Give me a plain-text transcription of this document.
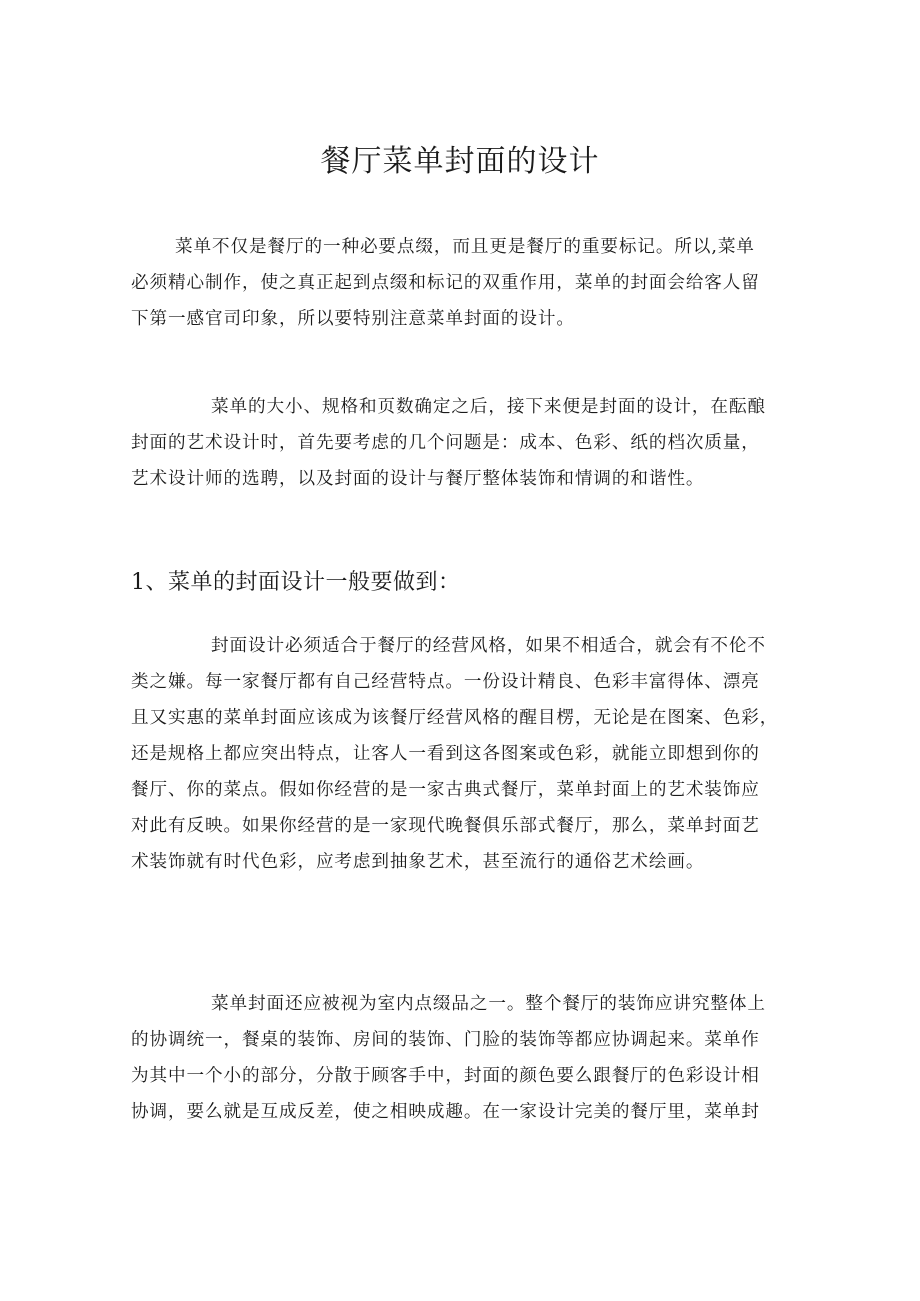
餐厅菜单封面的设计

菜单不仅是餐厅的一种必要点缀，而且更是餐厅的重要标记。所以,菜单
必须精心制作，使之真正起到点缀和标记的双重作用，菜单的封面会给客人留
下第一感官司印象，所以要特别注意菜单封面的设计。

菜单的大小、规格和页数确定之后，接下来便是封面的设计，在酝酿
封面的艺术设计时，首先要考虑的几个问题是：成本、色彩、纸的档次质量，
艺术设计师的选聘，以及封面的设计与餐厅整体装饰和情调的和谐性。

1、菜单的封面设计一般要做到：

封面设计必须适合于餐厅的经营风格，如果不相适合，就会有不伦不
类之嫌。每一家餐厅都有自己经营特点。一份设计精良、色彩丰富得体、漂亮
且又实惠的菜单封面应该成为该餐厅经营风格的醒目楞，无论是在图案、色彩，
还是规格上都应突出特点，让客人一看到这各图案或色彩，就能立即想到你的
餐厅、你的菜点。假如你经营的是一家古典式餐厅，菜单封面上的艺术装饰应
对此有反映。如果你经营的是一家现代晚餐俱乐部式餐厅，那么，菜单封面艺
术装饰就有时代色彩，应考虑到抽象艺术，甚至流行的通俗艺术绘画。

菜单封面还应被视为室内点缀品之一。整个餐厅的装饰应讲究整体上
的协调统一，餐桌的装饰、房间的装饰、门脸的装饰等都应协调起来。菜单作
为其中一个小的部分，分散于顾客手中，封面的颜色要么跟餐厅的色彩设计相
协调，要么就是互成反差，使之相映成趣。在一家设计完美的餐厅里，菜单封
